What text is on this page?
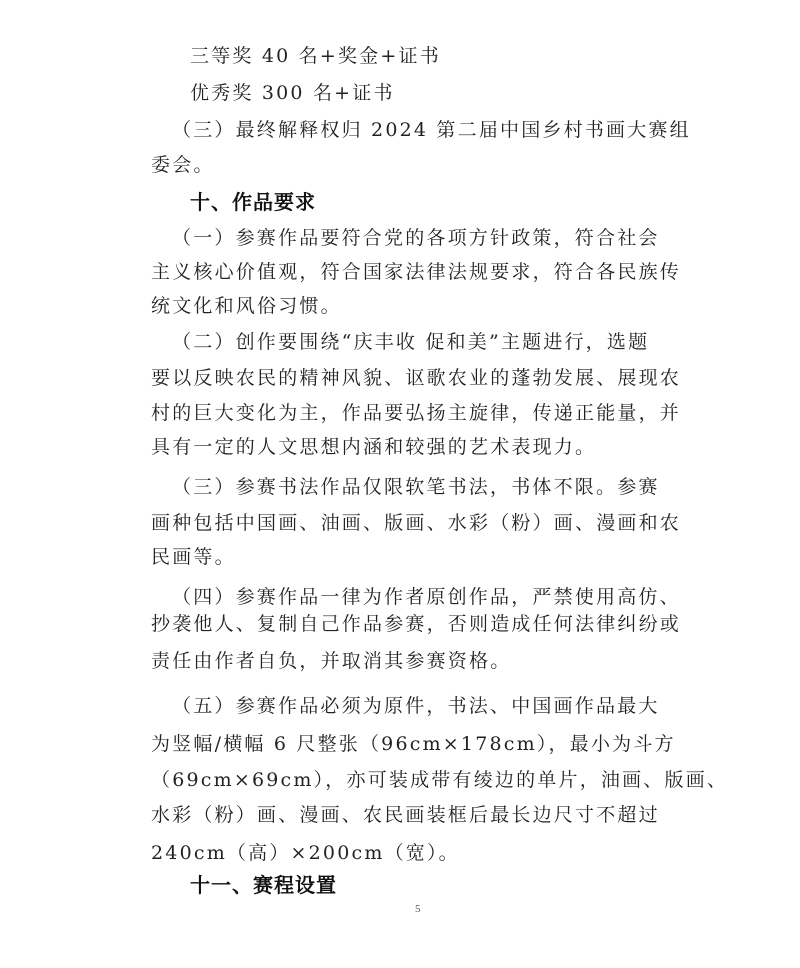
三等奖 40 名+奖金+证书
优秀奖 300 名+证书
（三）最终解释权归 2024 第二届中国乡村书画大赛组
委会。
十、作品要求
（一）参赛作品要符合党的各项方针政策，符合社会
主义核心价值观，符合国家法律法规要求，符合各民族传
统文化和风俗习惯。
（二）创作要围绕“庆丰收 促和美”主题进行，选题
要以反映农民的精神风貌、讴歌农业的蓬勃发展、展现农
村的巨大变化为主，作品要弘扬主旋律，传递正能量，并
具有一定的人文思想内涵和较强的艺术表现力。
（三）参赛书法作品仅限软笔书法，书体不限。参赛
画种包括中国画、油画、版画、水彩（粉）画、漫画和农
民画等。
（四）参赛作品一律为作者原创作品，严禁使用高仿、
抄袭他人、复制自己作品参赛，否则造成任何法律纠纷或
责任由作者自负，并取消其参赛资格。
（五）参赛作品必须为原件，书法、中国画作品最大
为竖幅/横幅 6 尺整张（96cm×178cm），最小为斗方
（69cm×69cm），亦可装成带有绫边的单片，油画、版画、
水彩（粉）画、漫画、农民画装框后最长边尺寸不超过
240cm（高）×200cm（宽）。
十一、赛程设置
5
